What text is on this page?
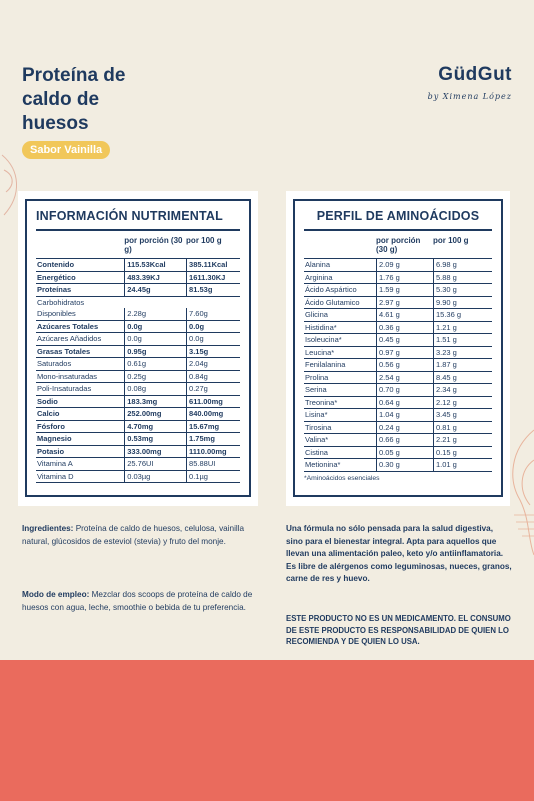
Proteína de caldo de huesos
Sabor Vainilla
GüdGut
by Ximena López
INFORMACIÓN NUTRIMENTAL
por porción (30 g)
por 100 g
Contenido	115.53Kcal	385.11Kcal
Energético	483.39KJ	1611.30KJ
Proteínas	24.45g	81.53g
Carbohidratos
Disponibles	2.28g	7.60g
Azúcares Totales	0.0g	0.0g
Azúcares Añadidos	0.0g	0.0g
Grasas Totales	0.95g	3.15g
Saturados	0.61g	2.04g
Mono-insaturadas	0.25g	0.84g
Poli-Insaturadas	0.08g	0.27g
Sodio	183.3mg	611.00mg
Calcio	252.00mg	840.00mg
Fósforo	4.70mg	15.67mg
Magnesio	0.53mg	1.75mg
Potasio	333.00mg	1110.00mg
Vitamina A	25.76UI	85.88UI
Vitamina D	0.03µg	0.1µg
PERFIL DE AMINOÁCIDOS
por porción (30 g)
por 100 g
Alanina	2.09 g	6.98 g
Arginina	1.76 g	5.88 g
Ácido Aspártico	1.59 g	5.30 g
Ácido Glutamico	2.97 g	9.90 g
Glicina	4.61 g	15.36 g
Histidina*	0.36 g	1.21 g
Isoleucina*	0.45 g	1.51 g
Leucina*	0.97 g	3.23 g
Fenilalanina	0.56 g	1.87 g
Prolina	2.54 g	8.45 g
Serina	0.70 g	2.34 g
Treonina*	0.64 g	2.12 g
Lisina*	1.04 g	3.45 g
Tirosina	0.24 g	0.81 g
Valina*	0.66 g	2.21 g
Cistina	0.05 g	0.15 g
Metionina*	0.30 g	1.01 g
*Aminoácidos esenciales
Ingredientes: Proteína de caldo de huesos, celulosa, vainilla natural, glúcosidos de esteviol (stevia) y fruto del monje.
Modo de empleo: Mezclar dos scoops de proteína de caldo de huesos con agua, leche, smoothie o bebida de tu preferencia.
Una fórmula no sólo pensada para la salud digestiva, sino para el bienestar integral. Apta para aquellos que llevan una alimentación paleo, keto y/o antiinflamatoria. Es libre de alérgenos como leguminosas, nueces, granos, carne de res y huevo.
ESTE PRODUCTO NO ES UN MEDICAMENTO. EL CONSUMO DE ESTE PRODUCTO ES RESPONSABILIDAD DE QUIEN LO RECOMIENDA Y DE QUIEN LO USA.
